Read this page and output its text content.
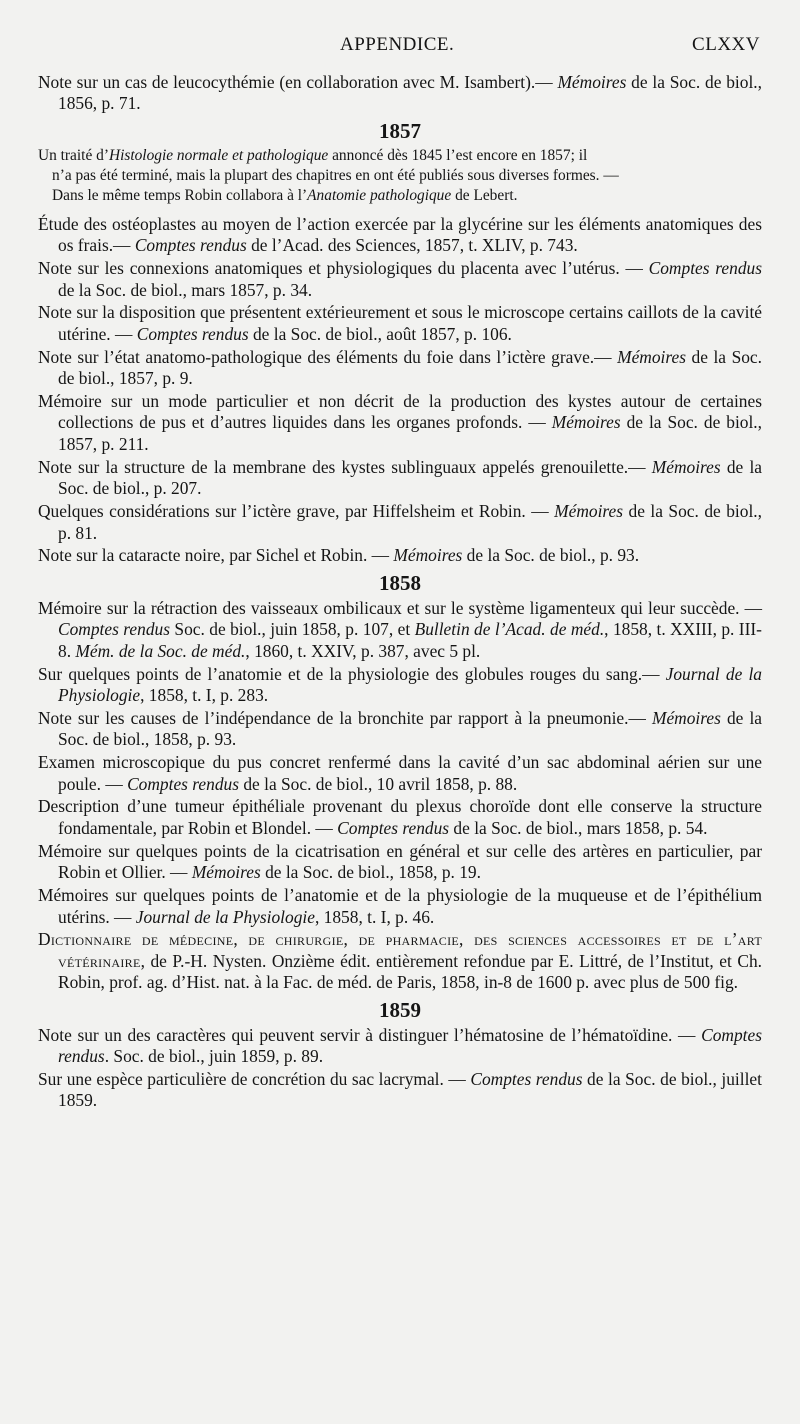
APPENDICE.	CLXXV

Note sur un cas de leucocythémie (en collaboration avec M. Isambert).— Mémoires de la Soc. de biol., 1856, p. 71.

1857

Un traité d’Histologie normale et pathologique annoncé dès 1845 l’est encore en 1857; il

n’a pas été terminé, mais la plupart des chapitres en ont été publiés sous diverses formes. —

Dans le même temps Robin collabora à l’Anatomie pathologique de Lebert.

Étude des ostéoplastes au moyen de l’action exercée par la glycérine sur les éléments anatomiques des os frais.— Comptes rendus de l’Acad. des Sciences, 1857, t. XLIV, p. 743.

Note sur les connexions anatomiques et physiologiques du placenta avec l’utérus. — Comptes rendus de la Soc. de biol., mars 1857, p. 34.

Note sur la disposition que présentent extérieurement et sous le microscope certains caillots de la cavité utérine. — Comptes rendus de la Soc. de biol., août 1857, p. 106.

Note sur l’état anatomo-pathologique des éléments du foie dans l’ictère grave.— Mémoires de la Soc. de biol., 1857, p. 9.

Mémoire sur un mode particulier et non décrit de la production des kystes autour de certaines collections de pus et d’autres liquides dans les organes profonds. — Mémoires de la Soc. de biol., 1857, p. 211.

Note sur la structure de la membrane des kystes sublinguaux appelés grenouilette.— Mémoires de la Soc. de biol., p. 207.

Quelques considérations sur l’ictère grave, par Hiffelsheim et Robin. — Mémoires de la Soc. de biol., p. 81.

Note sur la cataracte noire, par Sichel et Robin. — Mémoires de la Soc. de biol., p. 93.

1858

Mémoire sur la rétraction des vaisseaux ombilicaux et sur le système ligamenteux qui leur succède. — Comptes rendus Soc. de biol., juin 1858, p. 107, et Bulletin de l’Acad. de méd., 1858, t. XXIII, p. III-8. Mém. de la Soc. de méd., 1860, t. XXIV, p. 387, avec 5 pl.

Sur quelques points de l’anatomie et de la physiologie des globules rouges du sang.— Journal de la Physiologie, 1858, t. I, p. 283.

Note sur les causes de l’indépendance de la bronchite par rapport à la pneumonie.— Mémoires de la Soc. de biol., 1858, p. 93.

Examen microscopique du pus concret renfermé dans la cavité d’un sac abdominal aérien sur une poule. — Comptes rendus de la Soc. de biol., 10 avril 1858, p. 88.

Description d’une tumeur épithéliale provenant du plexus choroïde dont elle conserve la structure fondamentale, par Robin et Blondel. — Comptes rendus de la Soc. de biol., mars 1858, p. 54.

Mémoire sur quelques points de la cicatrisation en général et sur celle des artères en particulier, par Robin et Ollier. — Mémoires de la Soc. de biol., 1858, p. 19.

Mémoires sur quelques points de l’anatomie et de la physiologie de la muqueuse et de l’épithélium utérins. — Journal de la Physiologie, 1858, t. I, p. 46.

Dictionnaire de médecine, de chirurgie, de pharmacie, des sciences accessoires et de l’art vétérinaire, de P.-H. Nysten. Onzième édit. entièrement refondue par E. Littré, de l’Institut, et Ch. Robin, prof. ag. d’Hist. nat. à la Fac. de méd. de Paris, 1858, in-8 de 1600 p. avec plus de 500 fig.

1859

Note sur un des caractères qui peuvent servir à distinguer l’hématosine de l’hématoïdine. — Comptes rendus. Soc. de biol., juin 1859, p. 89.

Sur une espèce particulière de concrétion du sac lacrymal. — Comptes rendus de la Soc. de biol., juillet 1859.
